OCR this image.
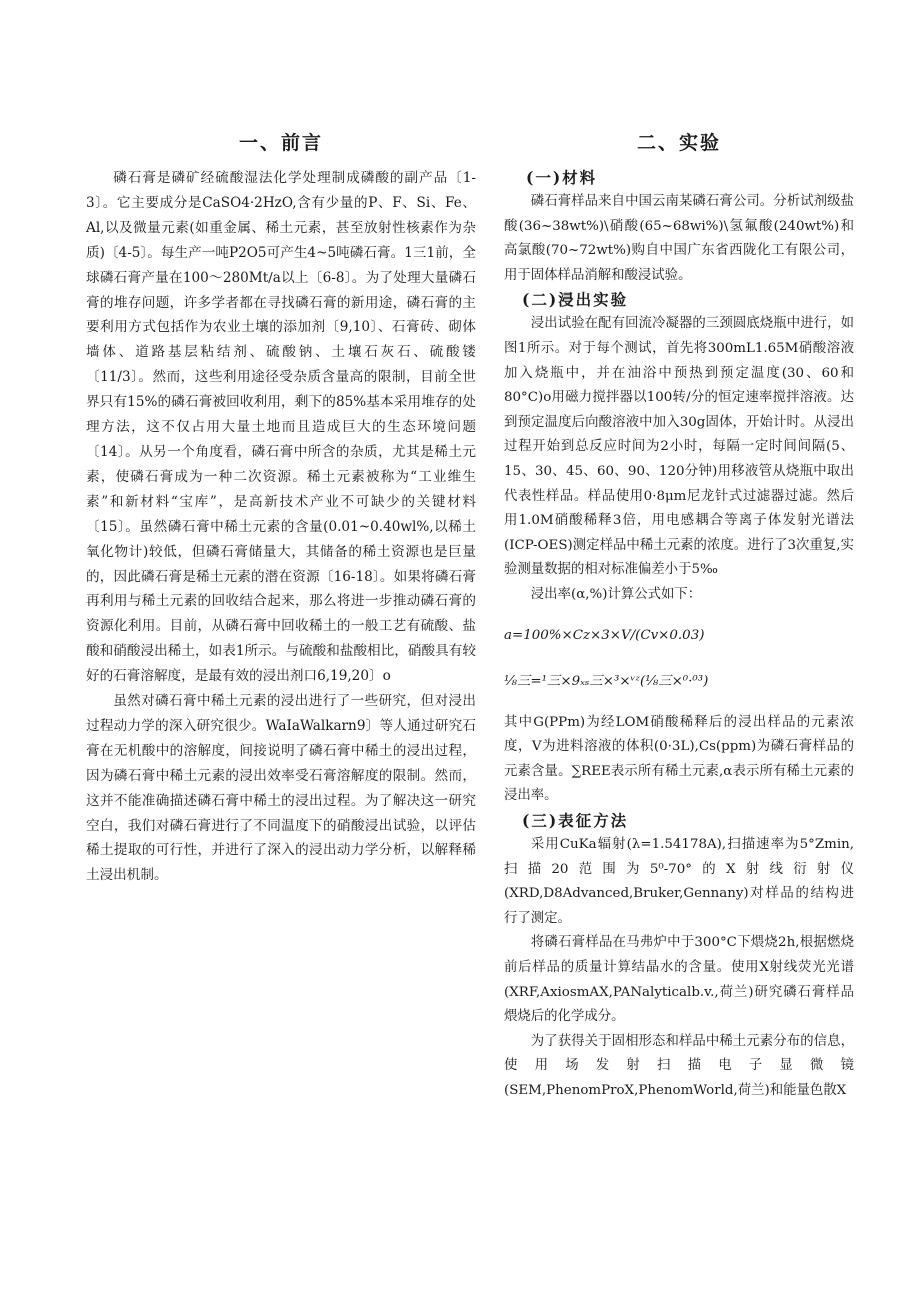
一、前言

磷石膏是磷矿经硫酸湿法化学处理制成磷酸的副产品〔1-3〕。它主要成分是CaSO4·2HzO,含有少量的P、F、Si、Fe、Al,以及微量元素(如重金属、稀土元素，甚至放射性核素作为杂质)〔4-5〕。每生产一吨P2O5可产生4~5吨磷石膏。1三1前，全球磷石膏产量在100～280Mt∕a以上〔6-8〕。为了处理大量磷石膏的堆存问题，许多学者都在寻找磷石膏的新用途，磷石膏的主要利用方式包括作为农业土壤的添加剂〔9,10〕、石膏砖、砌体墙体、道路基层粘结剂、硫酸钠、土壤石灰石、硫酸镂〔11/3〕。然而，这些利用途径受杂质含量高的限制，目前全世界只有15%的磷石膏被回收利用，剩下的85%基本采用堆存的处理方法，这不仅占用大量土地而且造成巨大的生态环境问题〔14〕。从另一个角度看，磷石膏中所含的杂质，尤其是稀土元素，使磷石膏成为一种二次资源。稀土元素被称为“工业维生素”和新材料“宝库”，是高新技术产业不可缺少的关键材料〔15〕。虽然磷石膏中稀土元素的含量(0.01~0.40wl%,以稀土氧化物计)较低，但磷石膏储量大，其储备的稀土资源也是巨量的，因此磷石膏是稀土元素的潜在资源〔16-18〕。如果将磷石膏再利用与稀土元素的回收结合起来，那么将进一步推动磷石膏的资源化利用。目前，从磷石膏中回收稀土的一般工艺有硫酸、盐酸和硝酸浸出稀土，如表1所示。与硫酸和盐酸相比，硝酸具有较好的石膏溶解度，是最有效的浸出剂口6,19,20〕o

虽然对磷石膏中稀土元素的浸出进行了一些研究，但对浸出过程动力学的深入研究很少。WaIaWalkarn9〕等人通过研究石膏在无机酸中的溶解度，间接说明了磷石膏中稀土的浸出过程，因为磷石膏中稀土元素的浸出效率受石膏溶解度的限制。然而，这并不能准确描述磷石膏中稀土的浸出过程。为了解决这一研究空白，我们对磷石膏进行了不同温度下的硝酸浸出试验，以评估稀土提取的可行性，并进行了深入的浸出动力学分析，以解释稀土浸出机制。

二、实验
(一)材料

磷石膏样品来自中国云南某磷石膏公司。分析试剂级盐酸(36~38wt%)\硝酸(65~68wi%)\氢氟酸(240wt%)和高氯酸(70~72wt%)购自中国广东省西陇化工有限公司，用于固体样品消解和酸浸试验。

(二)浸出实验

浸出试验在配有回流冷凝器的三颈圆底烧瓶中进行，如图1所示。对于每个测试，首先将300mL1.65M硝酸溶液加入烧瓶中，并在油浴中预热到预定温度(30、60和80°C)o用磁力搅拌器以100转/分的恒定速率搅拌溶液。达到预定温度后向酸溶液中加入30g固体，开始计时。从浸出过程开始到总反应时间为2小时，每隔一定时间间隔(5、15、30、45、60、90、120分钟)用移液管从烧瓶中取出代表性样品。样品使用0·8μm尼龙针式过滤器过滤。然后用1.0M硝酸稀释3倍，用电感耦合等离子体发射光谱法(ICP-OES)测定样品中稀土元素的浓度。进行了3次重复,实验测量数据的相对标准偏差小于5‰

浸出率(α,%)计算公式如下：

a=100%×Cz×3×V/(Cv×0.03)

⅛三=¹三×9ₓₛ三×³×ᵛᶻ(⅛三×⁰·⁰³)

其中G(PPm)为经LOM硝酸稀释后的浸出样品的元素浓度，V为进料溶液的体积(0·3L),Cs(ppm)为磷石膏样品的元素含量。∑REE表示所有稀土元素,α表示所有稀土元素的浸出率。

(三)表征方法

采用CuKa辐射(λ=1.54178A),扫描速率为5°Zmin,扫描20范围为5⁰-70°的X射线衍射仪(XRD,D8Advanced,Bruker,Gennany)对样品的结构进行了测定。

将磷石膏样品在马弗炉中于300°C下煨烧2h,根据燃烧前后样品的质量计算结晶水的含量。使用X射线荧光光谱(XRF,AxiosmAX,PANalyticalb.v.,荷兰)研究磷石膏样品煨烧后的化学成分。

为了获得关于固相形态和样品中稀土元素分布的信息，使用场发射扫描电子显微镜(SEM,PhenomProX,PhenomWorld,荷兰)和能量色散X
